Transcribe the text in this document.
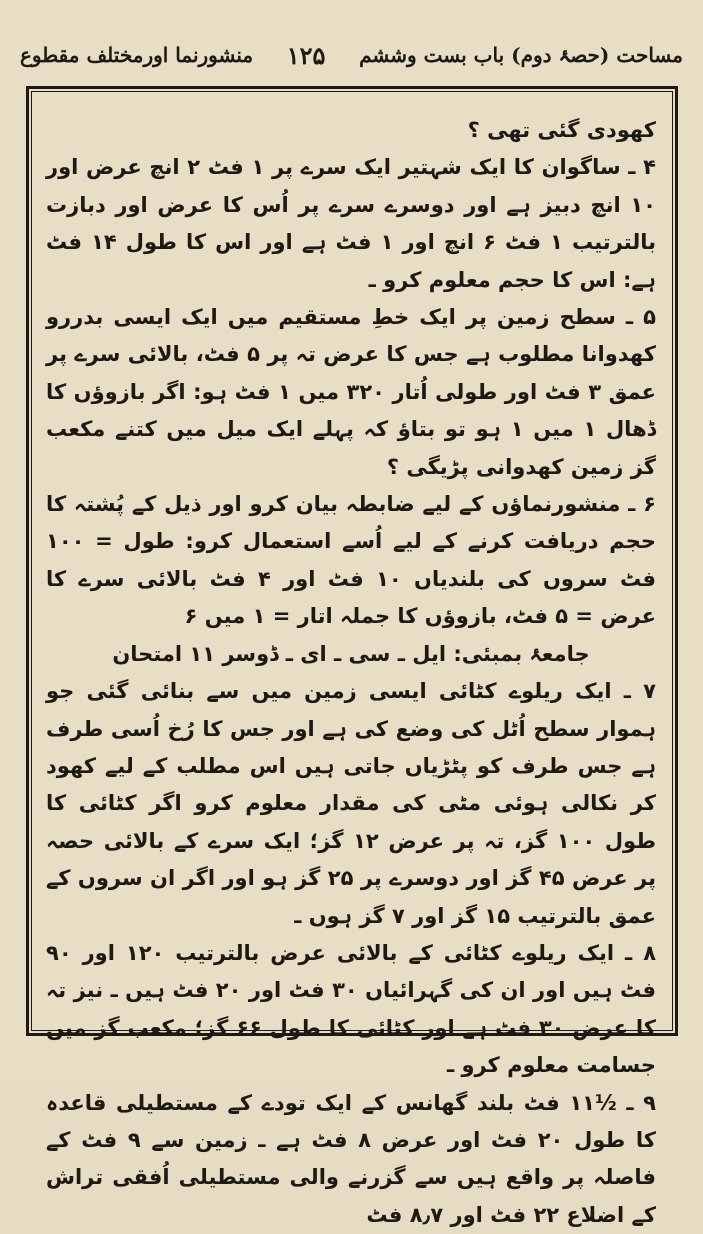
منشورنما اورمختلف مقطوع ۱۲۵ مساحت (حصۂ دوم) باب بست وششم

کھودی گئی تھی ؟

۴ ـ ساگوان کا ایک شہتیر ایک سرے پر ۱ فٹ ۲ انچ عرض اور ۱۰ انچ دبیز ہے اور دوسرے سرے پر اُس کا عرض اور دبازت بالترتیب ۱ فٹ ۶ انچ اور ۱ فٹ ہے اور اس کا طول ۱۴ فٹ ہے: اس کا حجم معلوم کرو ـ

۵ ـ سطح زمین پر ایک خطِ مستقیم میں ایک ایسی بدررو کھدوانا مطلوب ہے جس کا عرض تہ پر ۵ فٹ، بالائی سرے پر عمق ۳ فٹ اور طولی اُتار ۳۲۰ میں ۱ فٹ ہو: اگر بازوؤں کا ڈھال ۱ میں ۱ ہو تو بتاؤ کہ پہلے ایک میل میں کتنے مکعب گز زمین کھدوانی پڑیگی ؟

۶ ـ منشورنماؤں کے لیے ضابطہ بیان کرو اور ذیل کے پُشتہ کا حجم دریافت کرنے کے لیے اُسے استعمال کرو: طول = ۱۰۰ فٹ سروں کی بلندیاں ۱۰ فٹ اور ۴ فٹ بالائی سرے کا عرض = ۵ فٹ، بازوؤں کا جملہ اتار = ۱ میں ۶

جامعۂ بمبئی: ایل ـ سی ـ ای ـ ڈوسر ۱۱ امتحان

۷ ـ ایک ریلوے کٹائی ایسی زمین میں سے بنائی گئی جو ہموار سطح اُٹل کی وضع کی ہے اور جس کا رُخ اُسی طرف ہے جس طرف کو پٹڑیاں جاتی ہیں اس مطلب کے لیے کھود کر نکالی ہوئی مٹی کی مقدار معلوم کرو اگر کٹائی کا طول ۱۰۰ گز، تہ پر عرض ۱۲ گز؛ ایک سرے کے بالائی حصہ پر عرض ۴۵ گز اور دوسرے پر ۲۵ گز ہو اور اگر ان سروں کے عمق بالترتیب ۱۵ گز اور ۷ گز ہوں ـ

۸ ـ ایک ریلوے کٹائی کے بالائی عرض بالترتیب ۱۲۰ اور ۹۰ فٹ ہیں اور ان کی گہرائیاں ۳۰ فٹ اور ۲۰ فٹ ہیں ـ نیز تہ کا عرض ۳۰ فٹ ہے اور کٹائی کا طول ۶۶ گز؛ مکعب گز میں جسامت معلوم کرو ـ

۹ ـ ½۱۱ فٹ بلند گھانس کے ایک تودے کے مستطیلی قاعدہ کا طول ۲۰ فٹ اور عرض ۸ فٹ ہے ـ زمین سے ۹ فٹ کے فاصلہ پر واقع ہیں سے گزرنے والی مستطیلی اُفقی تراش کے اضلاع ۲۲ فٹ اور ۸٫۷ فٹ
